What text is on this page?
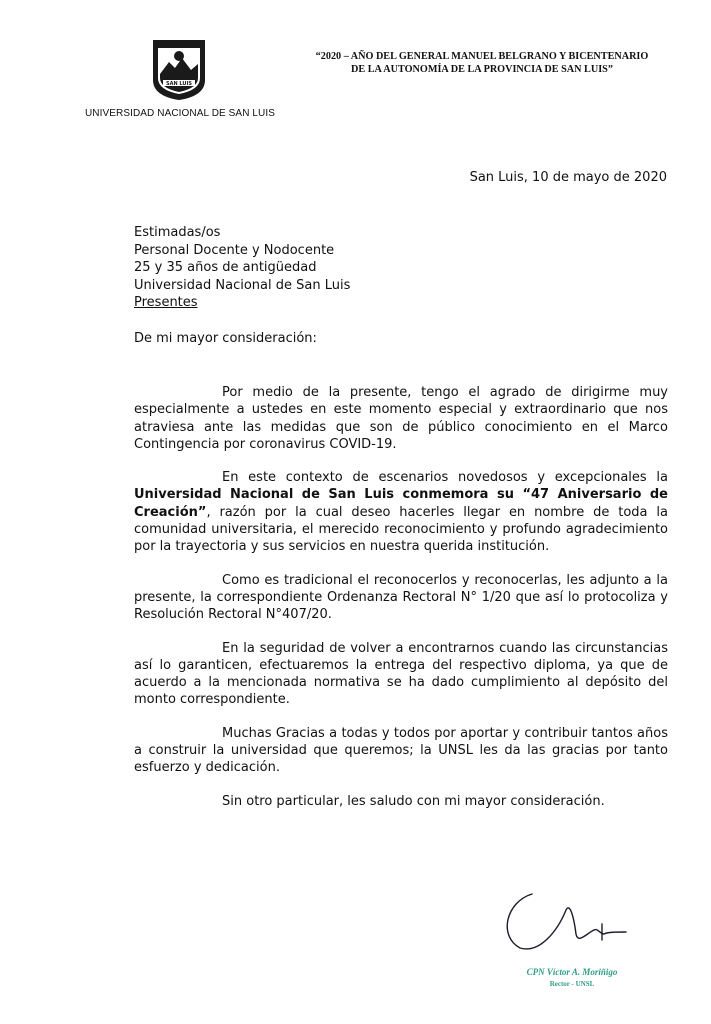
SAN LUIS
UNIVERSIDAD NACIONAL DE SAN LUIS
“2020 – AÑO DEL GENERAL MANUEL BELGRANO Y BICENTENARIO
DE LA AUTONOMÍA DE LA PROVINCIA DE SAN LUIS”
San Luis, 10 de mayo de 2020
Estimadas/os
Personal Docente y Nodocente
25 y 35 años de antigüedad
Universidad Nacional de San Luis
Presentes
De mi mayor consideración:

Por medio de la presente, tengo el agrado de dirigirme muy especialmente a ustedes en este momento especial y extraordinario que nos atraviesa ante las medidas que son de público conocimiento en el Marco Contingencia por coronavirus COVID-19.

En este contexto de escenarios novedosos y excepcionales la Universidad Nacional de San Luis conmemora su “47 Aniversario de Creación”, razón por la cual deseo hacerles llegar en nombre de toda la comunidad universitaria, el merecido reconocimiento y profundo agradecimiento por la trayectoria y sus servicios en nuestra querida institución.

Como es tradicional el reconocerlos y reconocerlas, les adjunto a la presente, la correspondiente Ordenanza Rectoral N° 1/20 que así lo protocoliza y Resolución Rectoral N°407/20.

En la seguridad de volver a encontrarnos cuando las circunstancias así lo garanticen, efectuaremos la entrega del respectivo diploma, ya que de acuerdo a la mencionada normativa se ha dado cumplimiento al depósito del monto correspondiente.

Muchas Gracias a todas y todos por aportar y contribuir tantos años a construir la universidad que queremos; la UNSL les da las gracias por tanto esfuerzo y dedicación.

Sin otro particular, les saludo con mi mayor consideración.

CPN Víctor A. Moriñigo
Rector - UNSL
